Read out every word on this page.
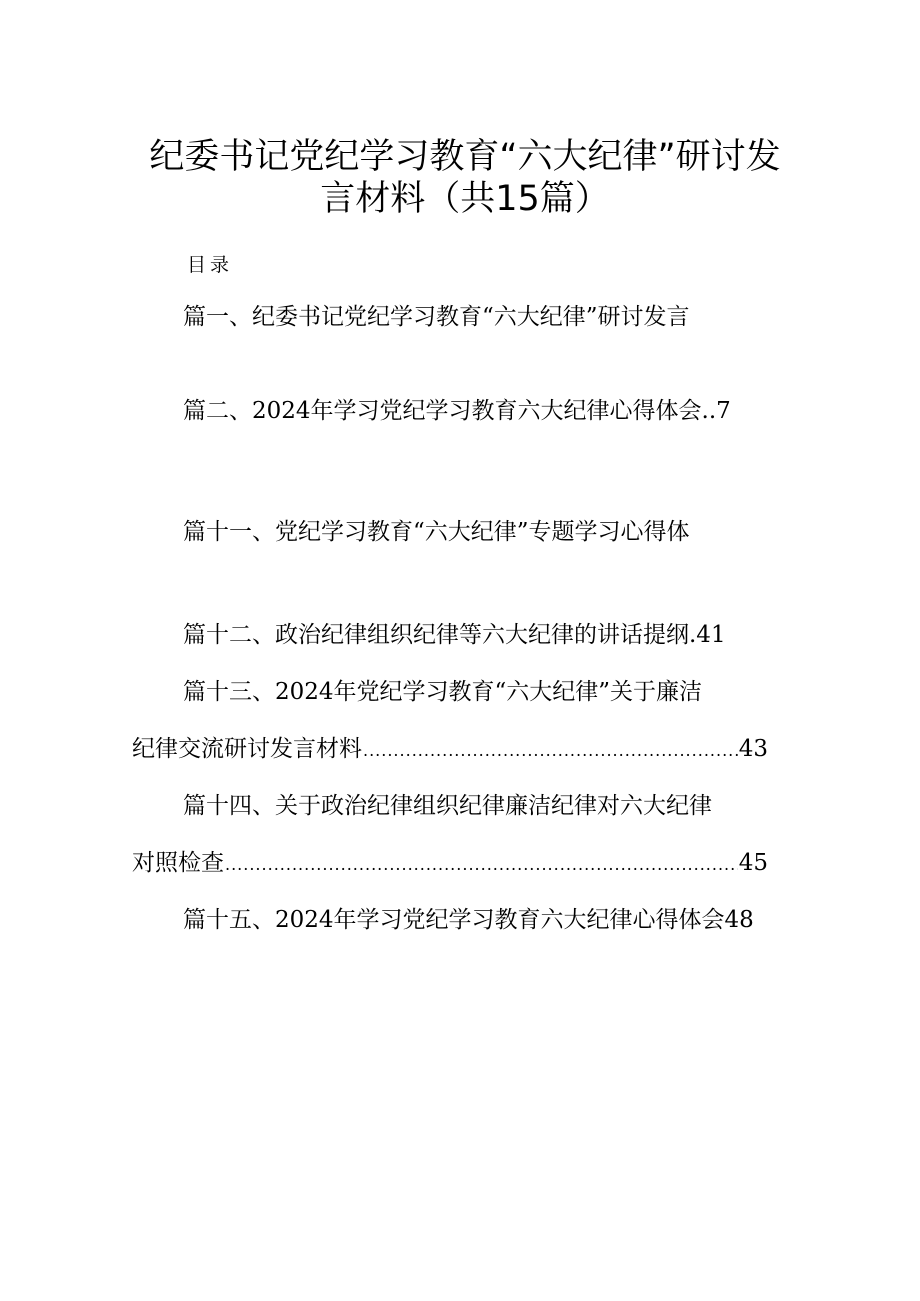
纪委书记党纪学习教育“六大纪律”研讨发
言材料（共15篇）
目录
篇一、纪委书记党纪学习教育“六大纪律”研讨发言
篇二、2024年学习党纪学习教育六大纪律心得体会..7
篇十一、党纪学习教育“六大纪律”专题学习心得体
篇十二、政治纪律组织纪律等六大纪律的讲话提纲.41
篇十三、2024年党纪学习教育“六大纪律”关于廉洁
纪律交流研讨发言材料 .....	43
篇十四、关于政治纪律组织纪律廉洁纪律对六大纪律
对照检查 .....	45
篇十五、2024年学习党纪学习教育六大纪律心得体会48
